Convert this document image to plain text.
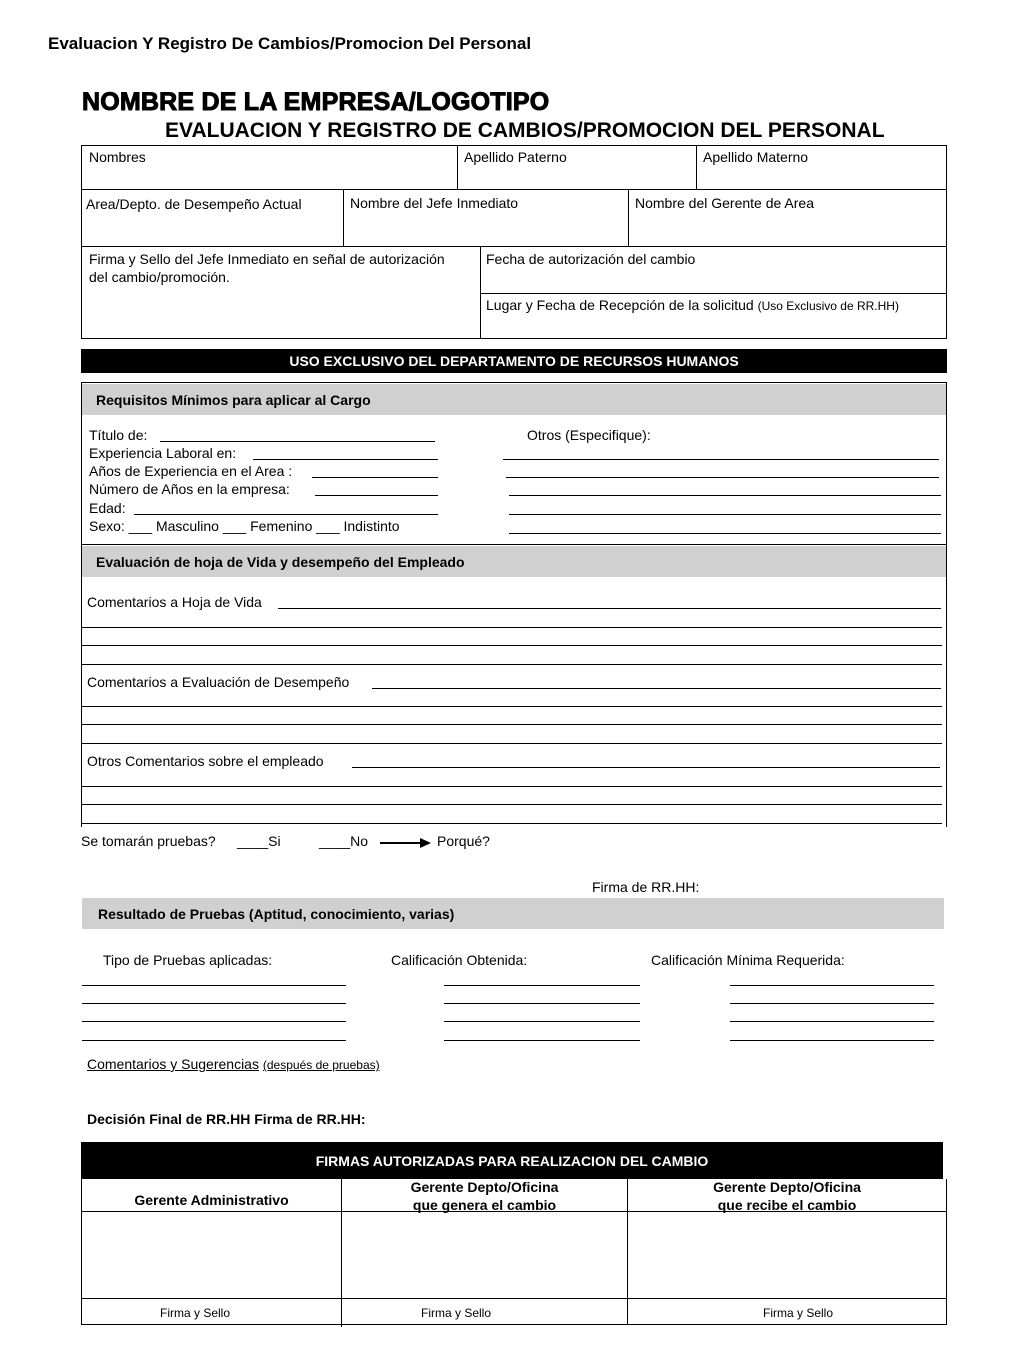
Evaluacion Y Registro De Cambios/Promocion Del Personal
NOMBRE DE LA EMPRESA/LOGOTIPO
EVALUACION Y REGISTRO DE CAMBIOS/PROMOCION DEL PERSONAL
Nombres	Apellido Paterno	Apellido Materno
Area/Depto. de Desempeño Actual	Nombre del Jefe Inmediato	Nombre del Gerente de Area
Firma y Sello del Jefe Inmediato en señal de autorización
del cambio/promoción.
Fecha de autorización del cambio
Lugar y Fecha de Recepción de la solicitud (Uso Exclusivo de RR.HH)
USO EXCLUSIVO DEL DEPARTAMENTO DE RECURSOS HUMANOS
Requisitos Mínimos para aplicar al Cargo
Título de:
Experiencia Laboral en:
Años de Experiencia en el Area :
Número de Años en la empresa:
Edad:
Sexo: ___ Masculino ___ Femenino ___ Indistinto
Otros (Especifique):
Evaluación de hoja de Vida y desempeño del Empleado
Comentarios a Hoja de Vida
Comentarios a Evaluación de Desempeño
Otros Comentarios sobre el empleado
Se tomarán pruebas? ____Si	____No	Porqué?
Firma de RR.HH:
Resultado de Pruebas (Aptitud, conocimiento, varias)
Tipo de Pruebas aplicadas:	Calificación Obtenida:	Calificación Mínima Requerida:
Comentarios y Sugerencias (después de pruebas)
Decisión Final de RR.HH Firma de RR.HH:
FIRMAS AUTORIZADAS PARA REALIZACION DEL CAMBIO
Gerente Administrativo
Gerente Depto/Oficina
que genera el cambio
Gerente Depto/Oficina
que recibe el cambio
Firma y Sello	Firma y Sello	Firma y Sello
